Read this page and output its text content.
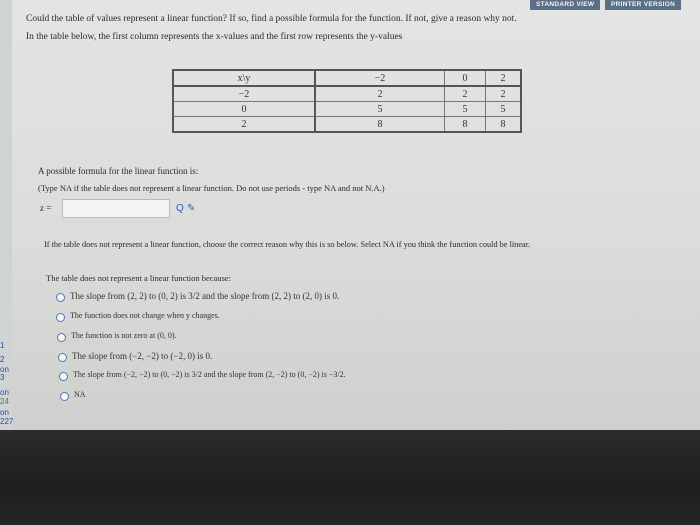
1
2
on
3
on
24
on
227
STANDARD VIEW	PRINTER VERSION
Could the table of values represent a linear function? If so, find a possible formula for the function. If not, give a reason why not.
In the table below, the first column represents the x-values and the first row represents the y-values
x\y	−2	0	2
−2	2	2	2
0	5	5	5
2	8	8	8
A possible formula for the linear function is:
(Type NA if the table does not represent a linear function. Do not use periods - type NA and not N.A.)
z =	Q ✎
If the table does not represent a linear function, choose the correct reason why this is so below. Select NA if you think the function could be linear.
The table does not represent a linear function because:
The slope from (2, 2) to (0, 2) is 3/2 and the slope from (2, 2) to (2, 0) is 0.
The function does not change when y changes.
The function is not zero at (0, 0).
The slope from (−2, −2) to (−2, 0) is 0.
The slope from (−2, −2) to (0, −2) is 3/2 and the slope from (2, −2) to (0, −2) is −3/2.
NA
